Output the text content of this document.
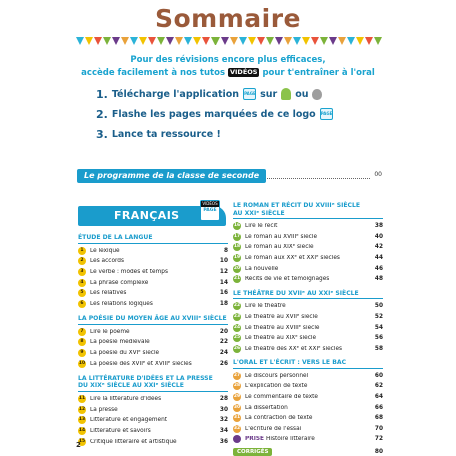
Sommaire
Pour des révisions encore plus efficaces,
accède facilement à nos tutos VIDÉOS pour t'entraîner à l'oral
1. Télécharge l'application PAGE sur ou
2. Flashe les pages marquées de ce logo PAGE
3. Lance ta ressource !
Le programme de la classe de seconde	00
FRANÇAIS
VIDÉOS
PAGE
ÉTUDE DE LA LANGUE
1	Le lexique	8
2	Les accords	10
3	Le verbe : modes et temps	12
4	La phrase complexe	14
5	Les relatives	16
6	Les relations logiques	18
LA POÉSIE DU MOYEN ÂGE AU XVIIIᵉ SIÈCLE
7	Lire le poème	20
8	La poésie médiévale	22
9	La poésie du XVIᵉ siècle	24
10 La poésie des XVIIᵉ et XVIIIᵉ siècles	26
LA LITTÉRATURE D'IDÉES ET LA PRESSE
DU XIXᵉ SIÈCLE AU XXIᵉ SIÈCLE
11 Lire la littérature d'idées	28
12 La presse	30
13 Littérature et engagement	32
14 Littérature et savoirs	34
15 Critique littéraire et artistique	36
LE ROMAN ET RÉCIT DU XVIIIᵉ SIÈCLE
AU XXIᵉ SIÈCLE
16 Lire le récit	38
17 Le roman au XVIIIᵉ siècle	40
18 Le roman au XIXᵉ siècle	42
19 Le roman aux XXᵉ et XXIᵉ siècles	44
20 La nouvelle	46
21 Récits de vie et témoignages	48
LE THÉÂTRE DU XVIIᵉ AU XXIᵉ SIÈCLE
22 Lire le théâtre	50
23 Le théâtre au XVIIᵉ siècle	52
24 Le théâtre au XVIIIᵉ siècle	54
25 Le théâtre au XIXᵉ siècle	56
26 Le théâtre des XXᵉ et XXIᵉ siècles	58
L'ORAL ET L'ÉCRIT : VERS LE BAC
27 Le discours personnel	60
28 L'explication de texte	62
29 Le commentaire de texte	64
30 La dissertation	66
31 La contraction de texte	68
32 L'écriture de l'essai	70
PRISE Histoire littéraire	72
CORRIGÉS	80
2
